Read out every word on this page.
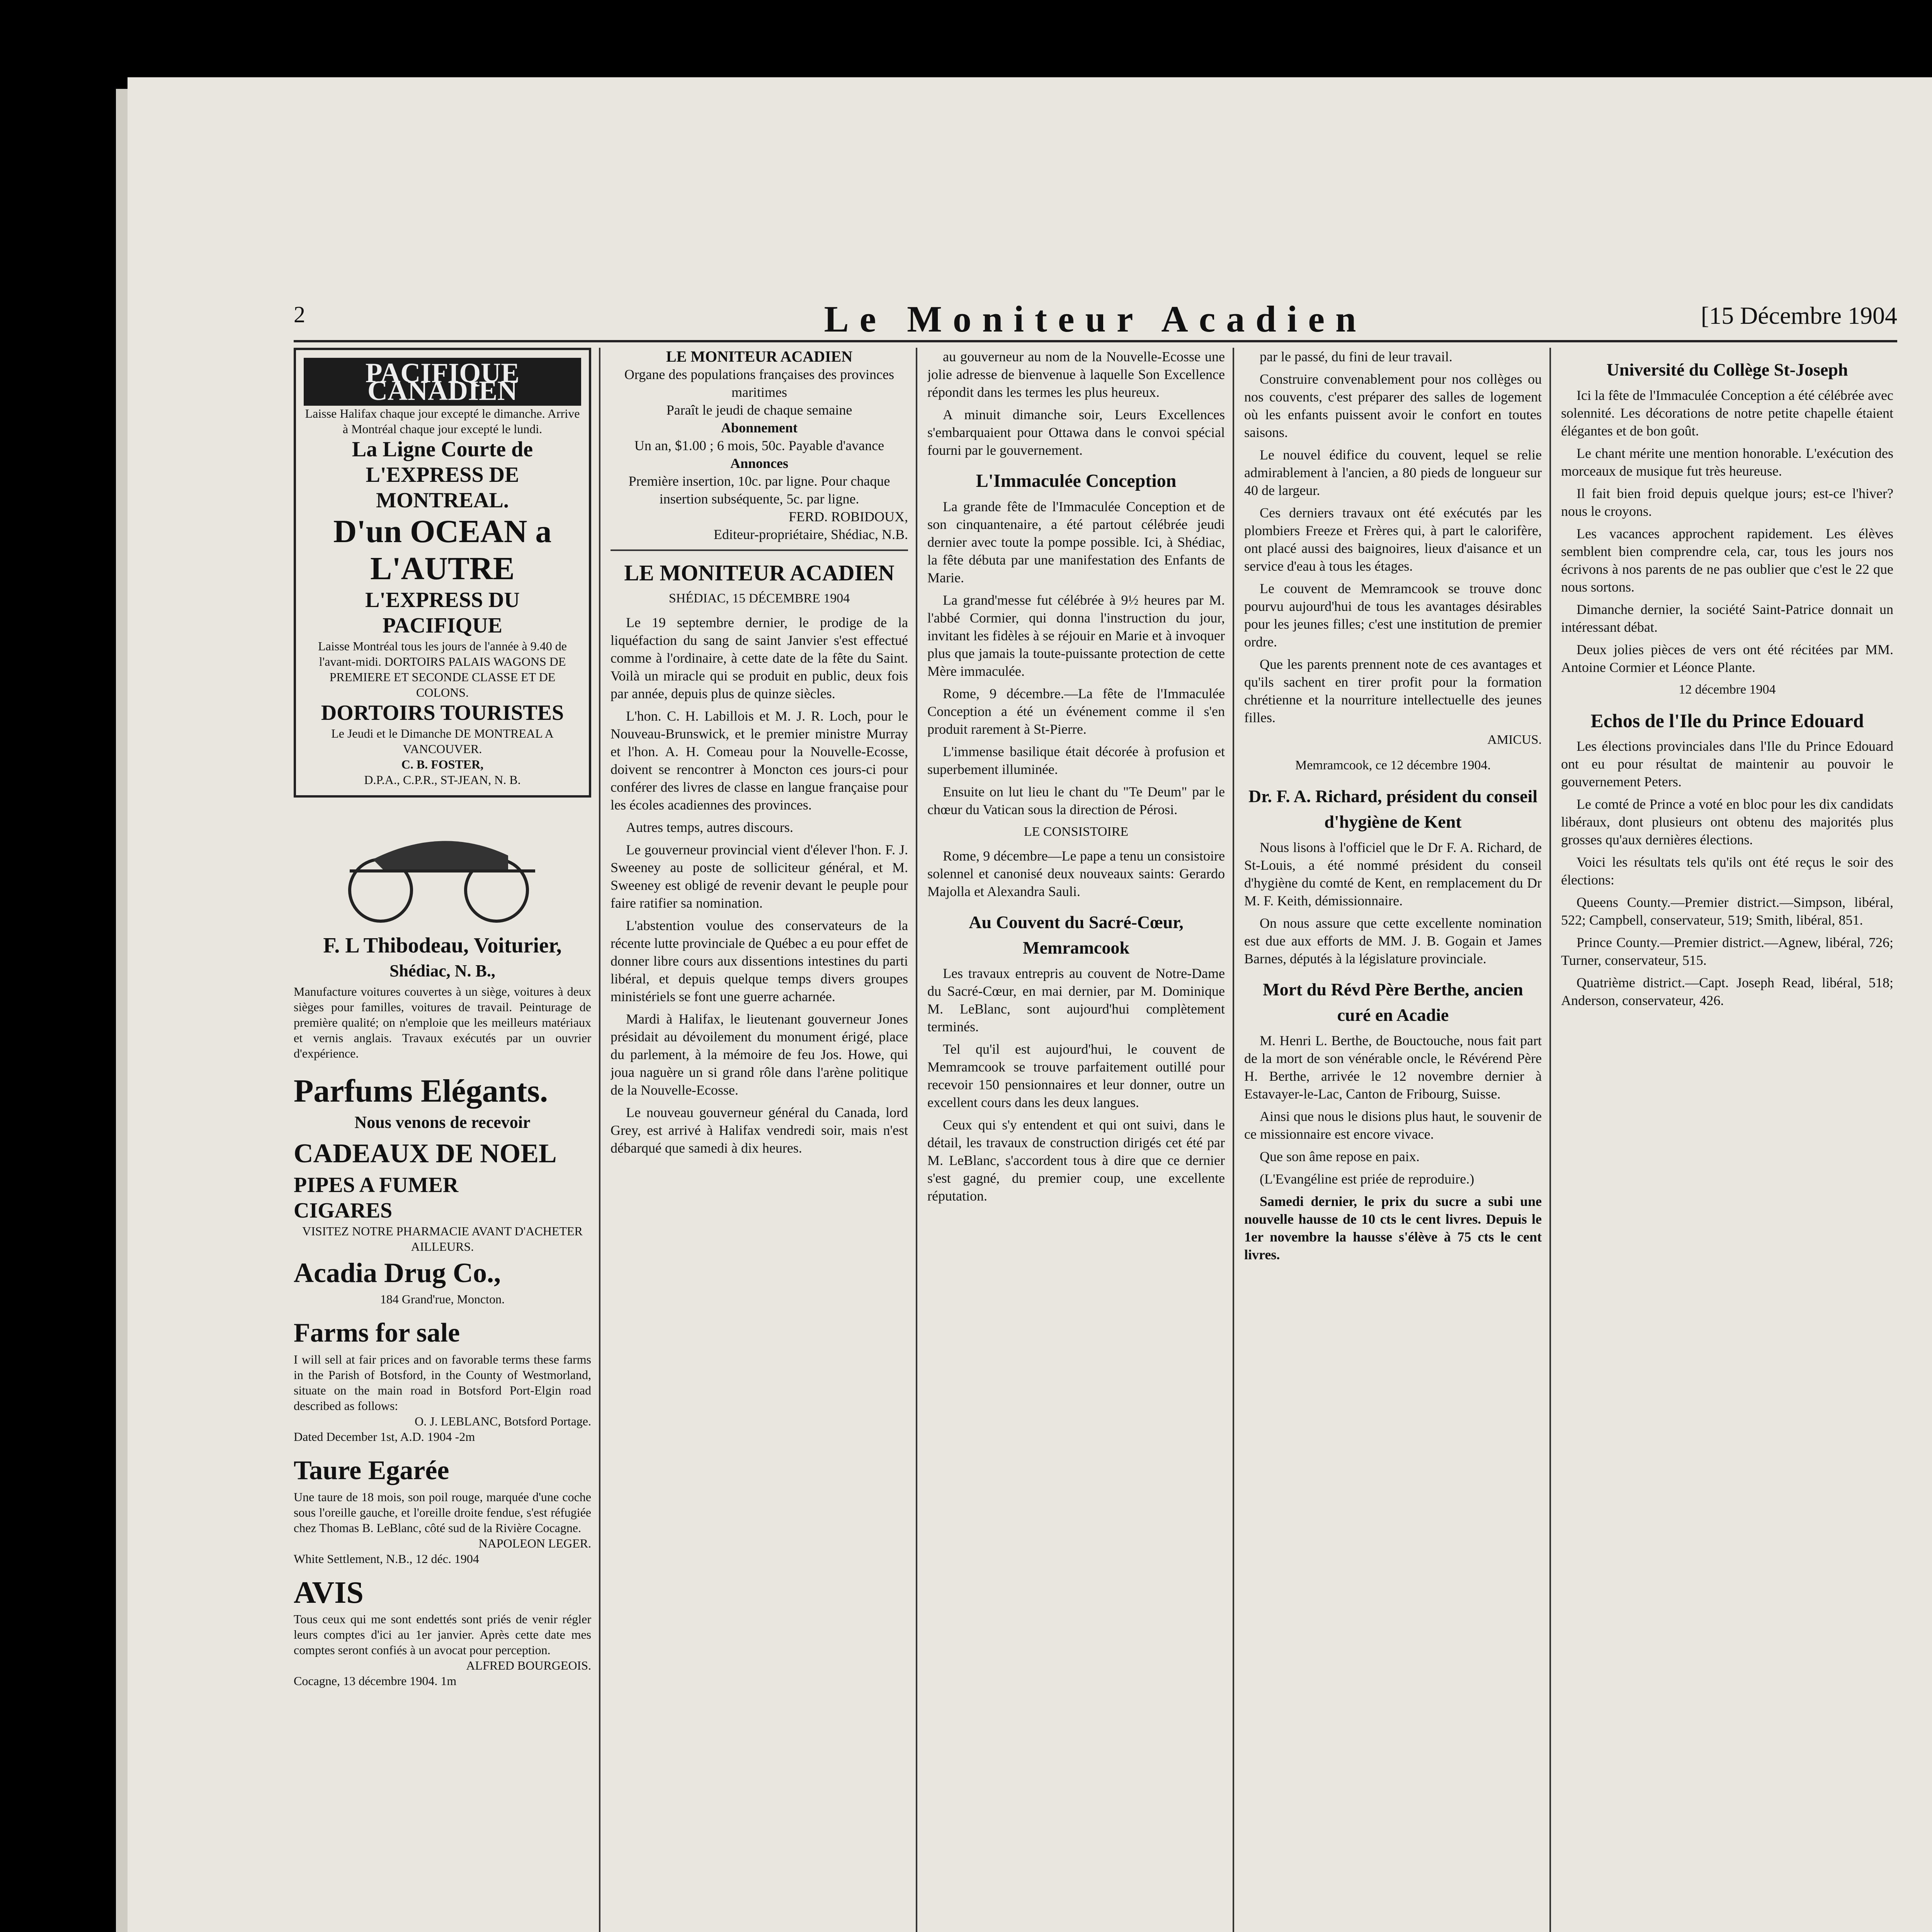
2	Le Moniteur Acadien	[15 Décembre 1904
PACIFIQUE CANADIEN
Laisse Halifax chaque jour excepté le dimanche. Arrive à Montréal chaque jour excepté le lundi.
La Ligne Courte de L'EXPRESS DE MONTREAL.
D'un OCEAN a L'AUTRE
L'EXPRESS DU PACIFIQUE
Laisse Montréal tous les jours de l'année à 9.40 de l'avant-midi. DORTOIRS PALAIS WAGONS DE PREMIERE ET SECONDE CLASSE ET DE COLONS.
DORTOIRS TOURISTES
Le Jeudi et le Dimanche DE MONTREAL A VANCOUVER.
C. B. FOSTER,
D.P.A., C.P.R., ST-JEAN, N. B.
F. L Thibodeau, Voiturier,
Shédiac, N. B.,
Manufacture voitures couvertes à un siège, voitures à deux sièges pour familles, voitures de travail. Peinturage de première qualité; on n'emploie que les meilleurs matériaux et vernis anglais. Travaux exécutés par un ouvrier d'expérience.
Parfums Elégants.
Nous venons de recevoir
CADEAUX DE NOEL
PIPES A FUMER
CIGARES
VISITEZ NOTRE PHARMACIE AVANT D'ACHETER AILLEURS.
Acadia Drug Co.,
184 Grand'rue, Moncton.
Farms for sale
I will sell at fair prices and on favorable terms these farms in the Parish of Botsford, in the County of Westmorland, situate on the main road in Botsford Port-Elgin road described as follows:
O. J. LEBLANC, Botsford Portage.
Dated December 1st, A.D. 1904 -2m
Taure Egarée
Une taure de 18 mois, son poil rouge, marquée d'une coche sous l'oreille gauche, et l'oreille droite fendue, s'est réfugiée chez Thomas B. LeBlanc, côté sud de la Rivière Cocagne.
NAPOLEON LEGER.
White Settlement, N.B., 12 déc. 1904
AVIS
Tous ceux qui me sont endettés sont priés de venir régler leurs comptes d'ici au 1er janvier. Après cette date mes comptes seront confiés à un avocat pour perception.
ALFRED BOURGEOIS.
Cocagne, 13 décembre 1904. 1m
LE MONITEUR ACADIEN
Organe des populations françaises des provinces maritimes
Paraît le jeudi de chaque semaine
Abonnement
Un an, $1.00 ; 6 mois, 50c. Payable d'avance
Annonces
Première insertion, 10c. par ligne. Pour chaque insertion subséquente, 5c. par ligne.
FERD. ROBIDOUX,
Editeur-propriétaire, Shédiac, N.B.
LE MONITEUR ACADIEN
SHÉDIAC, 15 DÉCEMBRE 1904

Le 19 septembre dernier, le prodige de la liquéfaction du sang de saint Janvier s'est effectué comme à l'ordinaire, à cette date de la fête du Saint. Voilà un miracle qui se produit en public, deux fois par année, depuis plus de quinze siècles.

L'hon. C. H. Labillois et M. J. R. Loch, pour le Nouveau-Brunswick, et le premier ministre Murray et l'hon. A. H. Comeau pour la Nouvelle-Ecosse, doivent se rencontrer à Moncton ces jours-ci pour conférer des livres de classe en langue française pour les écoles acadiennes des provinces.

Autres temps, autres discours.

Le gouverneur provincial vient d'élever l'hon. F. J. Sweeney au poste de solliciteur général, et M. Sweeney est obligé de revenir devant le peuple pour faire ratifier sa nomination.

L'abstention voulue des conservateurs de la récente lutte provinciale de Québec a eu pour effet de donner libre cours aux dissentions intestines du parti libéral, et depuis quelque temps divers groupes ministériels se font une guerre acharnée.

Mardi à Halifax, le lieutenant gouverneur Jones présidait au dévoilement du monument érigé, place du parlement, à la mémoire de feu Jos. Howe, qui joua naguère un si grand rôle dans l'arène politique de la Nouvelle-Ecosse.

Le nouveau gouverneur général du Canada, lord Grey, est arrivé à Halifax vendredi soir, mais n'est débarqué que samedi à dix heures.

au gouverneur au nom de la Nouvelle-Ecosse une jolie adresse de bienvenue à laquelle Son Excellence répondit dans les termes les plus heureux.

A minuit dimanche soir, Leurs Excellences s'embarquaient pour Ottawa dans le convoi spécial fourni par le gouvernement.

L'Immaculée Conception

La grande fête de l'Immaculée Conception et de son cinquantenaire, a été partout célébrée jeudi dernier avec toute la pompe possible. Ici, à Shédiac, la fête débuta par une manifestation des Enfants de Marie.

La grand'messe fut célébrée à 9½ heures par M. l'abbé Cormier, qui donna l'instruction du jour, invitant les fidèles à se réjouir en Marie et à invoquer plus que jamais la toute-puissante protection de cette Mère immaculée.

Rome, 9 décembre.—La fête de l'Immaculée Conception a été un événement comme il s'en produit rarement à St-Pierre.

L'immense basilique était décorée à profusion et superbement illuminée.

Ensuite on lut lieu le chant du "Te Deum" par le chœur du Vatican sous la direction de Pérosi.

LE CONSISTOIRE

Rome, 9 décembre—Le pape a tenu un consistoire solennel et canonisé deux nouveaux saints: Gerardo Majolla et Alexandra Sauli.

Au Couvent du Sacré-Cœur, Memramcook

Les travaux entrepris au couvent de Notre-Dame du Sacré-Cœur, en mai dernier, par M. Dominique M. LeBlanc, sont aujourd'hui complètement terminés.

Tel qu'il est aujourd'hui, le couvent de Memramcook se trouve parfaitement outillé pour recevoir 150 pensionnaires et leur donner, outre un excellent cours dans les deux langues.

Ceux qui s'y entendent et qui ont suivi, dans le détail, les travaux de construction dirigés cet été par M. LeBlanc, s'accordent tous à dire que ce dernier s'est gagné, du premier coup, une excellente réputation.

par le passé, du fini de leur travail.

Construire convenablement pour nos collèges ou nos couvents, c'est préparer des salles de logement où les enfants puissent avoir le confort en toutes saisons.

Le nouvel édifice du couvent, lequel se relie admirablement à l'ancien, a 80 pieds de longueur sur 40 de largeur.

Ces derniers travaux ont été exécutés par les plombiers Freeze et Frères qui, à part le calorifère, ont placé aussi des baignoires, lieux d'aisance et un service d'eau à tous les étages.

Le couvent de Memramcook se trouve donc pourvu aujourd'hui de tous les avantages désirables pour les jeunes filles; c'est une institution de premier ordre.

Que les parents prennent note de ces avantages et qu'ils sachent en tirer profit pour la formation chrétienne et la nourriture intellectuelle des jeunes filles.

AMICUS.
Memramcook, ce 12 décembre 1904.
Dr. F. A. Richard, président du conseil d'hygiène de Kent

Nous lisons à l'officiel que le Dr F. A. Richard, de St-Louis, a été nommé président du conseil d'hygiène du comté de Kent, en remplacement du Dr M. F. Keith, démissionnaire.

On nous assure que cette excellente nomination est due aux efforts de MM. J. B. Gogain et James Barnes, députés à la législature provinciale.

Mort du Révd Père Berthe, ancien curé en Acadie

M. Henri L. Berthe, de Bouctouche, nous fait part de la mort de son vénérable oncle, le Révérend Père H. Berthe, arrivée le 12 novembre dernier à Estavayer-le-Lac, Canton de Fribourg, Suisse.

Ainsi que nous le disions plus haut, le souvenir de ce missionnaire est encore vivace.

Que son âme repose en paix.

(L'Evangéline est priée de reproduire.)

Samedi dernier, le prix du sucre a subi une nouvelle hausse de 10 cts le cent livres. Depuis le 1er novembre la hausse s'élève à 75 cts le cent livres.

Université du Collège St-Joseph

Ici la fête de l'Immaculée Conception a été célébrée avec solennité. Les décorations de notre petite chapelle étaient élégantes et de bon goût.

Le chant mérite une mention honorable. L'exécution des morceaux de musique fut très heureuse.

Il fait bien froid depuis quelque jours; est-ce l'hiver? nous le croyons.

Les vacances approchent rapidement. Les élèves semblent bien comprendre cela, car, tous les jours nos écrivons à nos parents de ne pas oublier que c'est le 22 que nous sortons.

Dimanche dernier, la société Saint-Patrice donnait un intéressant débat.

Deux jolies pièces de vers ont été récitées par MM. Antoine Cormier et Léonce Plante.

12 décembre 1904
Echos de l'Ile du Prince Edouard

Les élections provinciales dans l'Ile du Prince Edouard ont eu pour résultat de maintenir au pouvoir le gouvernement Peters.

Le comté de Prince a voté en bloc pour les dix candidats libéraux, dont plusieurs ont obtenu des majorités plus grosses qu'aux dernières élections.

Voici les résultats tels qu'ils ont été reçus le soir des élections:

Queens County.—Premier district.—Simpson, libéral, 522; Campbell, conservateur, 519; Smith, libéral, 851.

Prince County.—Premier district.—Agnew, libéral, 726; Turner, conservateur, 515.

Quatrième district.—Capt. Joseph Read, libéral, 518; Anderson, conservateur, 426.
